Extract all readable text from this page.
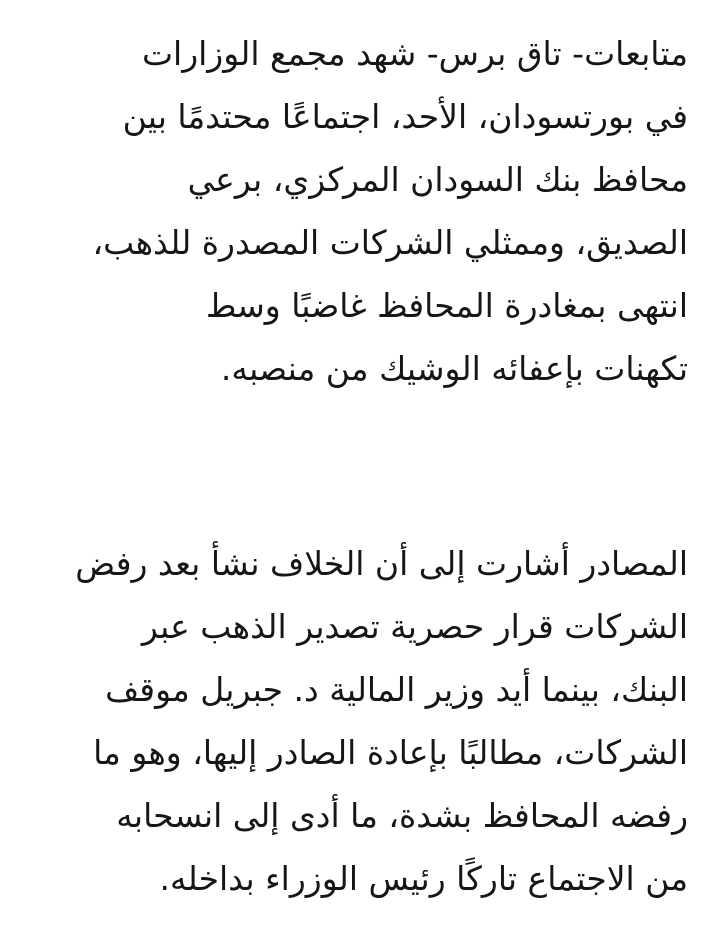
متابعات- تاق برس- شهد مجمع الوزارات
في بورتسودان، الأحد، اجتماعًا محتدمًا بين
محافظ بنك السودان المركزي، برعي
الصديق، وممثلي الشركات المصدرة للذهب،
انتهى بمغادرة المحافظ غاضبًا وسط
تكهنات بإعفائه الوشيك من منصبه.
المصادر أشارت إلى أن الخلاف نشأ بعد رفض
الشركات قرار حصرية تصدير الذهب عبر
البنك، بينما أيد وزير المالية د. جبريل موقف
الشركات، مطالبًا بإعادة الصادر إليها، وهو ما
رفضه المحافظ بشدة، ما أدى إلى انسحابه
من الاجتماع تاركًا رئيس الوزراء بداخله.
